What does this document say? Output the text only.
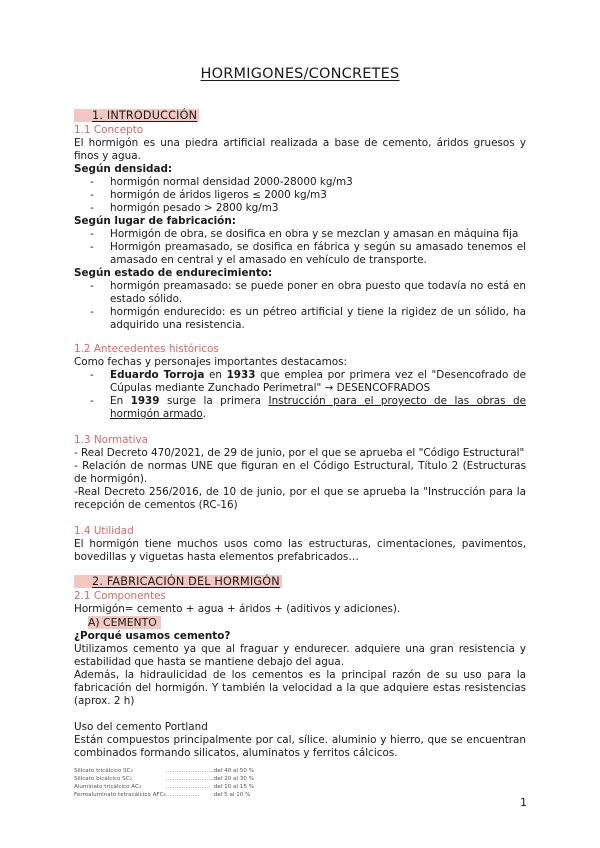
HORMIGONES/CONCRETES
1. INTRODUCCIÓN
1.1 Concepto
El hormigón es una piedra artificial realizada a base de cemento, áridos gruesos y finos y agua.
Según densidad:
- hormigón normal densidad 2000-28000 kg/m3
- hormigón de áridos ligeros ≤ 2000 kg/m3
- hormigón pesado > 2800 kg/m3
Según lugar de fabricación:
- Hormigón de obra, se dosifica en obra y se mezclan y amasan en máquina fija
- Hormigón preamasado, se dosifica en fábrica y según su amasado tenemos el amasado en central y el amasado en vehículo de transporte.
Según estado de endurecimiento:
- hormigón preamasado: se puede poner en obra puesto que todavía no está en estado sólido.
- hormigón endurecido: es un pétreo artificial y tiene la rigidez de un sólido, ha adquirido una resistencia.
1.2 Antecedentes históricos
Como fechas y personajes importantes destacamos:
- Eduardo Torroja en 1933 que emplea por primera vez el "Desencofrado de Cúpulas mediante Zunchado Perimetral" → DESENCOFRADOS
- En 1939 surge la primera Instrucción para el proyecto de las obras de hormigón armado.
1.3 Normativa
- Real Decreto 470/2021, de 29 de junio, por el que se aprueba el "Código Estructural"
- Relación de normas UNE que figuran en el Código Estructural, Título 2 (Estructuras de hormigón).
-Real Decreto 256/2016, de 10 de junio, por el que se aprueba la "Instrucción para la recepción de cementos (RC-16)
1.4 Utilidad
El hormigón tiene muchos usos como las estructuras, cimentaciones, pavimentos, bovedillas y viguetas hasta elementos prefabricados…
2. FABRICACIÓN DEL HORMIGÓN
2.1 Componentes
Hormigón= cemento + agua + áridos + (aditivos y adiciones).
A) CEMENTO
¿Porqué usamos cemento?
Utilizamos cemento ya que al fraguar y endurecer. adquiere una gran resistencia y estabilidad que hasta se mantiene debajo del agua.
Además, la hidraulicidad de los cementos es la principal razón de su uso para la fabricación del hormigón. Y también la velocidad a la que adquiere estas resistencias (aprox. 2 h)
Uso del cemento Portland
Están compuestos principalmente por cal, sílice. aluminio y hierro, que se encuentran combinados formando silicatos, aluminatos y ferritos cálcicos.
Silicato tricálcico SC₃	...........................	del 40 al 50 %
Silicato bicálcico SC₂	...........................	del 20 al 30 %
Aluminato tricálcico AC₃	.........................	del 10 al 15 %
Ferroaluminato tetracálcico AFC₄	...................	del 5 al 10 %
1
